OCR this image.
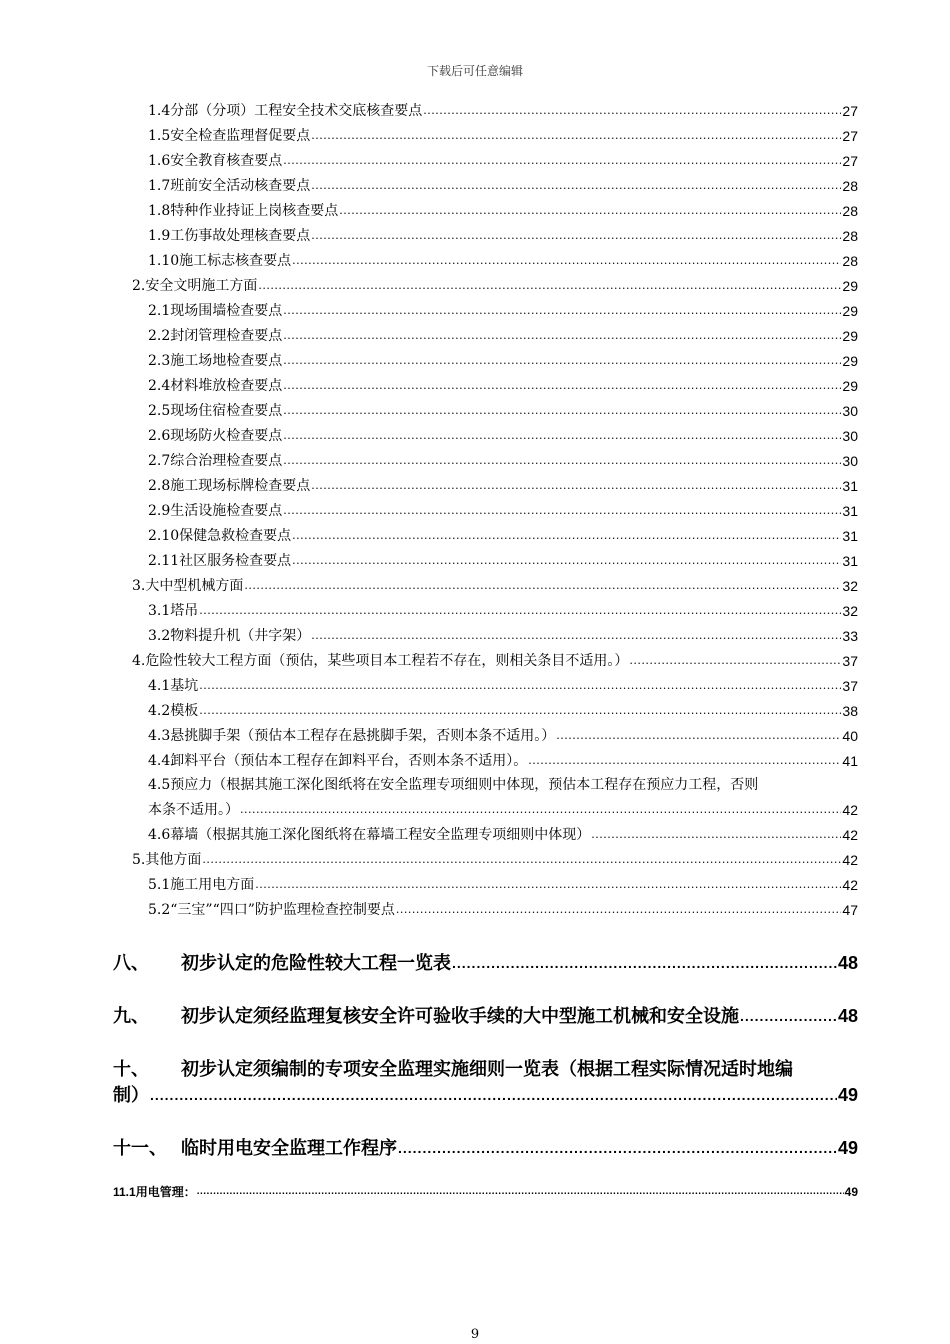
下载后可任意编辑
1.4分部（分项）工程安全技术交底核查要点 .....	27
1.5安全检查监理督促要点 .....	27
1.6安全教育核查要点 .....	27
1.7班前安全活动核查要点 .....	28
1.8特种作业持证上岗核查要点 .....	28
1.9工伤事故处理核查要点 .....	28
1.10施工标志核查要点 .....	28
2.安全文明施工方面 .....	29
2.1现场围墙检查要点 .....	29
2.2封闭管理检查要点 .....	29
2.3施工场地检查要点 .....	29
2.4材料堆放检查要点 .....	29
2.5现场住宿检查要点 .....	30
2.6现场防火检查要点 .....	30
2.7综合治理检查要点 .....	30
2.8施工现场标牌检查要点 .....	31
2.9生活设施检查要点 .....	31
2.10保健急救检查要点 .....	31
2.11社区服务检查要点 .....	31
3.大中型机械方面 .....	32
3.1塔吊 .....	32
3.2物料提升机（井字架） .....	33
4.危险性较大工程方面（预估，某些项目本工程若不存在，则相关条目不适用。） .....	37
4.1基坑 .....	37
4.2模板 .....	38
4.3悬挑脚手架（预估本工程存在悬挑脚手架，否则本条不适用。） .....	40
4.4卸料平台（预估本工程存在卸料平台，否则本条不适用）。 .....	41
4.5预应力（根据其施工深化图纸将在安全监理专项细则中体现，预估本工程存在预应力工程，否则
本条不适用。） .....	42
4.6幕墙（根据其施工深化图纸将在幕墙工程安全监理专项细则中体现） .....	42
5.其他方面 .....	42
5.1施工用电方面 .....	42
5.2“三宝”“四口”防护监理检查控制要点 .....	47
八、 初步认定的危险性较大工程一览表 .....	48
九、 初步认定须经监理复核安全许可验收手续的大中型施工机械和安全设施 .....	48
十、 初步认定须编制的专项安全监理实施细则一览表（根据工程实际情况适时地编
制） .....	49
十一、 临时用电安全监理工作程序 .....	49
11.1用电管理： .....	49
9
